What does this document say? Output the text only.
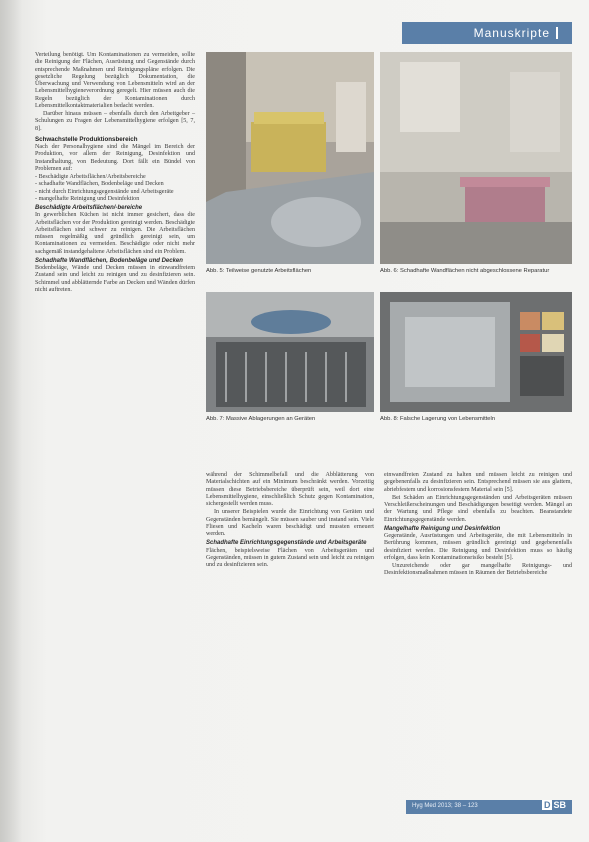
Manuskripte

Verteilung benötigt. Um Kontaminationen zu vermeiden, sollte die Reinigung der Flächen, Ausrüstung und Gegenstände durch entsprechende Maßnahmen und Reinigungspläne erfolgen. Die gesetzliche Regelung bezüglich Dokumentation, die Überwachung und Verwendung von Lebensmitteln wird an der Lebensmittelhygieneverordnung geregelt. Hier müssen auch die Regeln bezüglich der Kontaminationen durch Lebensmittelkontaktmaterialien bedacht werden.

Darüber hinaus müssen – ebenfalls durch den Arbeitgeber – Schulungen zu Fragen der Lebensmittelhygiene erfolgen [5, 7, 8].

Schwachstelle Produktionsbereich

Nach der Personalhygiene sind die Mängel im Bereich der Produktion, vor allem der Reinigung, Desinfektion und Instandhaltung, von Bedeutung. Dort fällt ein Bündel von Problemen auf:

- Beschädigte Arbeitsflächen/Arbeitsbereiche
- schadhafte Wandflächen, Bodenbeläge und Decken
- nicht durch Einrichtungsgegenstände und Arbeitsgeräte
- mangelhafte Reinigung und Desinfektion
Beschädigte Arbeitsflächen/-bereiche

In gewerblichen Küchen ist nicht immer gesichert, dass die Arbeitsflächen vor der Produktion gereinigt werden. Beschädigte Arbeitsflächen sind schwer zu reinigen. Die Arbeitsflächen müssen regelmäßig und gründlich gereinigt sein, um Kontaminationen zu vermeiden. Beschädigte oder nicht mehr sachgemäß instandgehaltene Arbeitsflächen sind ein Problem.

Schadhafte Wandflächen, Bodenbeläge und Decken

Bodenbeläge, Wände und Decken müssen in einwandfreiem Zustand sein und leicht zu reinigen und zu desinfizieren sein. Schimmel und abblätternde Farbe an Decken und Wänden dürfen nicht auftreten.

Abb. 5: Teilweise genutzte Arbeitsflächen	Abb. 6: Schadhafte Wandflächen nicht abgeschlossene Reparatur
Abb. 7: Massive Ablagerungen an Geräten	Abb. 8: Falsche Lagerung von Lebensmitteln

während der Schimmelbefall und die Abblätterung von Materialschichten auf ein Minimum beschränkt werden. Vorzeitig müssen diese Betriebsbereiche überprüft sein, weil dort eine Lebensmittelhygiene, einschließlich Schutz gegen Kontamination, sichergestellt werden muss.

In unserer Beispielen wurde die Einrichtung von Geräten und Gegenständen bemängelt. Sie müssen sauber und instand sein. Viele Fliesen und Kacheln waren beschädigt und mussten erneuert werden.

Schadhafte Einrichtungsgegenstände und Arbeitsgeräte

Flächen, beispielsweise Flächen von Arbeitsgeräten und Gegenständen, müssen in gutem Zustand sein und leicht zu reinigen und zu desinfizieren sein.

einwandfreien Zustand zu halten und müssen leicht zu reinigen und gegebenenfalls zu desinfizieren sein. Entsprechend müssen sie aus glattem, abriebfestem und korrosionsfestem Material sein [5].

Bei Schäden an Einrichtungsgegenständen und Arbeitsgeräten müssen Verschleißerscheinungen und Beschädigungen beseitigt werden. Mängel an der Wartung und Pflege sind ebenfalls zu beachten. Beanstandete Einrichtungsgegenstände werden.

Mangelhafte Reinigung und Desinfektion

Gegenstände, Ausrüstungen und Arbeitsgeräte, die mit Lebensmitteln in Berührung kommen, müssen gründlich gereinigt und gegebenenfalls desinfiziert werden. Die Reinigung und Desinfektion muss so häufig erfolgen, dass kein Kontaminationsrisiko besteht [5].

Unzureichende oder gar mangelhafte Reinigungs- und Desinfektionsmaßnahmen müssen in Räumen der Betriebsbereiche

Hyg Med 2013; 38 – 123	D SB
